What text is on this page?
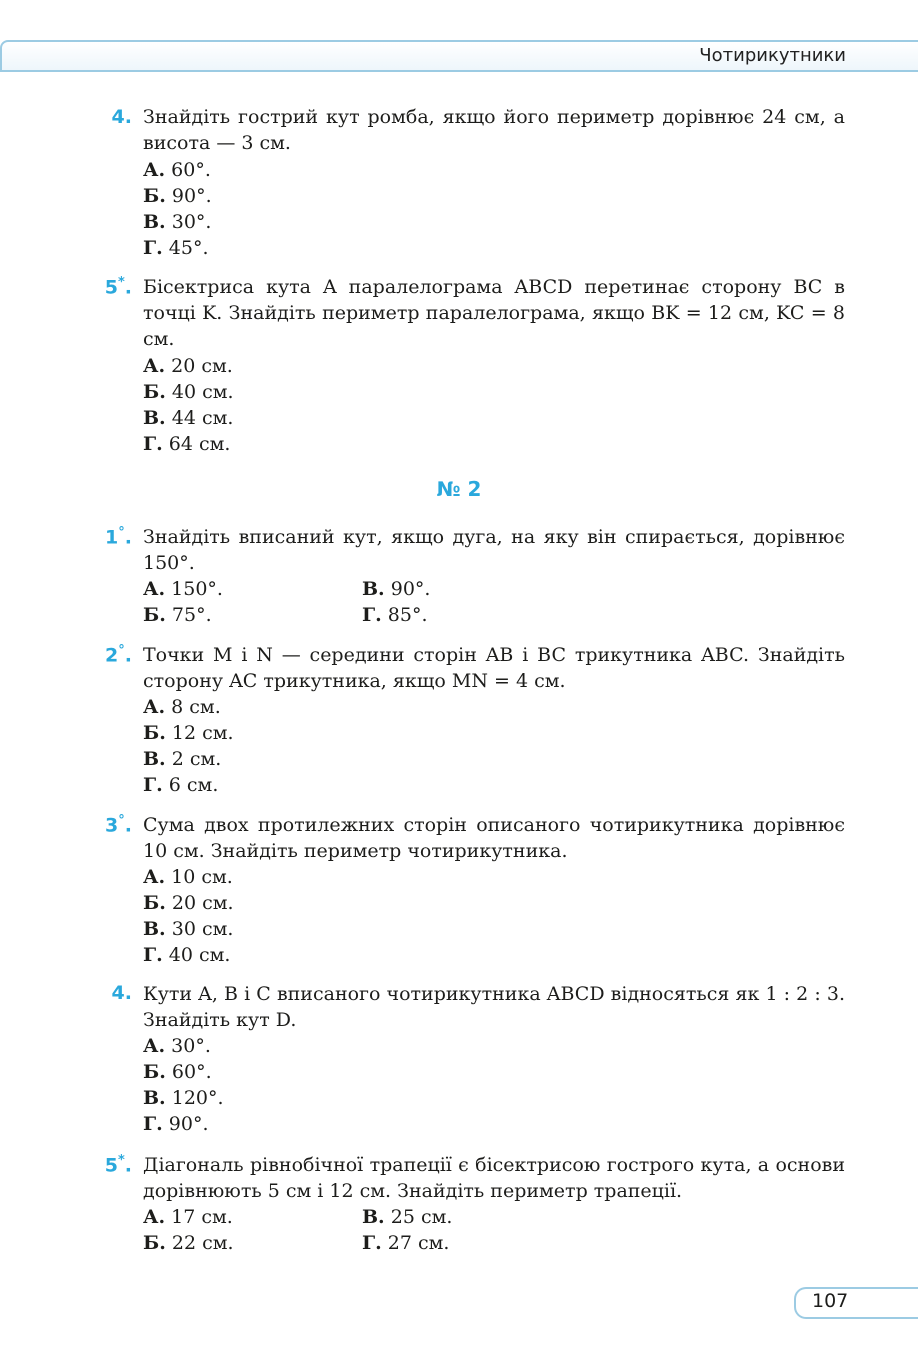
Чотирикутники
4. Знайдіть гострий кут ромба, якщо його периметр дорівнює 24 см, а висота — 3 см.
А. 60°.
Б. 90°.
В. 30°.
Г. 45°.
5*. Бісектриса кута A паралелограма ABCD перетинає сторону BC в точці K. Знайдіть периметр паралелограма, якщо BK = 12 см, KC = 8 см.
А. 20 см.
Б. 40 см.
В. 44 см.
Г. 64 см.
№ 2
1°. Знайдіть вписаний кут, якщо дуга, на яку він спирається, дорівнює 150°.
А. 150°.	В. 90°.
Б. 75°.	Г. 85°.
2°. Точки M і N — середини сторін AB і BC трикутника ABC. Знайдіть сторону AC трикутника, якщо MN = 4 см.
А. 8 см.
Б. 12 см.
В. 2 см.
Г. 6 см.
3°. Сума двох протилежних сторін описаного чотирикутника дорівнює 10 см. Знайдіть периметр чотирикутника.
А. 10 см.
Б. 20 см.
В. 30 см.
Г. 40 см.
4. Кути A, B і C вписаного чотирикутника ABCD відносяться як 1 : 2 : 3. Знайдіть кут D.
А. 30°.
Б. 60°.
В. 120°.
Г. 90°.
5*. Діагональ рівнобічної трапеції є бісектрисою гострого кута, а основи дорівнюють 5 см і 12 см. Знайдіть периметр трапеції.
А. 17 см.	В. 25 см.
Б. 22 см.	Г. 27 см.
107
